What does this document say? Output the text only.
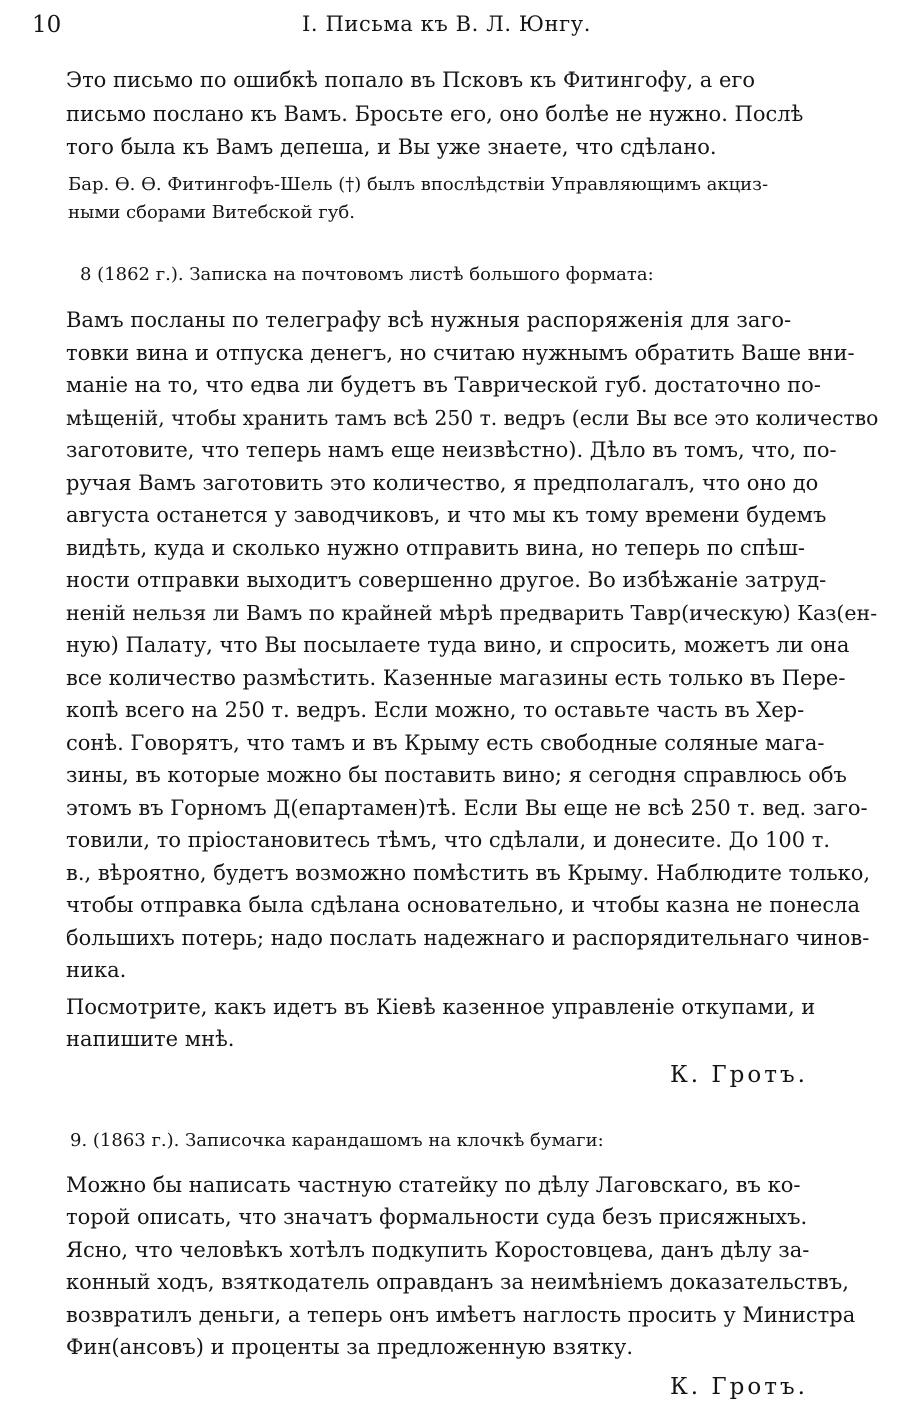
10	I. Письма къ В. Л. Юнгу.
Это письмо по ошибкѣ попало въ Псковъ къ Фитингофу, а его
письмо послано къ Вамъ. Бросьте его, оно болѣе не нужно. Послѣ
того была къ Вамъ депеша, и Вы уже знаете, что сдѣлано.
Бар. Ѳ. Ѳ. Фитингофъ-Шель (†) былъ впослѣдствіи Управляющимъ акциз-
ными сборами Витебской губ.
8 (1862 г.). Записка на почтовомъ листѣ большого формата:
Вамъ посланы по телеграфу всѣ нужныя распоряженія для заго-
товки вина и отпуска денегъ, но считаю нужнымъ обратить Ваше вни-
маніе на то, что едва ли будетъ въ Таврической губ. достаточно по-
мѣщеній, чтобы хранить тамъ всѣ 250 т. ведръ (если Вы все это количество
заготовите, что теперь намъ еще неизвѣстно). Дѣло въ томъ, что, по-
ручая Вамъ заготовить это количество, я предполагалъ, что оно до
августа останется у заводчиковъ, и что мы къ тому времени будемъ
видѣть, куда и сколько нужно отправить вина, но теперь по спѣш-
ности отправки выходитъ совершенно другое. Во избѣжаніе затруд-
неній нельзя ли Вамъ по крайней мѣрѣ предварить Тавр(ическую) Каз(ен-
ную) Палату, что Вы посылаете туда вино, и спросить, можетъ ли она
все количество размѣстить. Казенные магазины есть только въ Пере-
копѣ всего на 250 т. ведръ. Если можно, то оставьте часть въ Хер-
сонѣ. Говорятъ, что тамъ и въ Крыму есть свободные соляные мага-
зины, въ которые можно бы поставить вино; я сегодня справлюсь объ
этомъ въ Горномъ Д(епартамен)тѣ. Если Вы еще не всѣ 250 т. вед. заго-
товили, то пріостановитесь тѣмъ, что сдѣлали, и донесите. До 100 т.
в., вѣроятно, будетъ возможно помѣстить въ Крыму. Наблюдите только,
чтобы отправка была сдѣлана основательно, и чтобы казна не понесла
большихъ потерь; надо послать надежнаго и распорядительнаго чинов-
ника.
Посмотрите, какъ идетъ въ Кіевѣ казенное управленіе откупами, и
напишите мнѣ.
К. Гротъ.
9. (1863 г.). Записочка карандашомъ на клочкѣ бумаги:
Можно бы написать частную статейку по дѣлу Лаговскаго, въ ко-
торой описать, что значатъ формальности суда безъ присяжныхъ.
Ясно, что человѣкъ хотѣлъ подкупить Коростовцева, данъ дѣлу за-
конный ходъ, взяткодатель оправданъ за неимѣніемъ доказательствъ,
возвратилъ деньги, а теперь онъ имѣетъ наглость просить у Министра
Фин(ансовъ) и проценты за предложенную взятку.
К. Гротъ.
